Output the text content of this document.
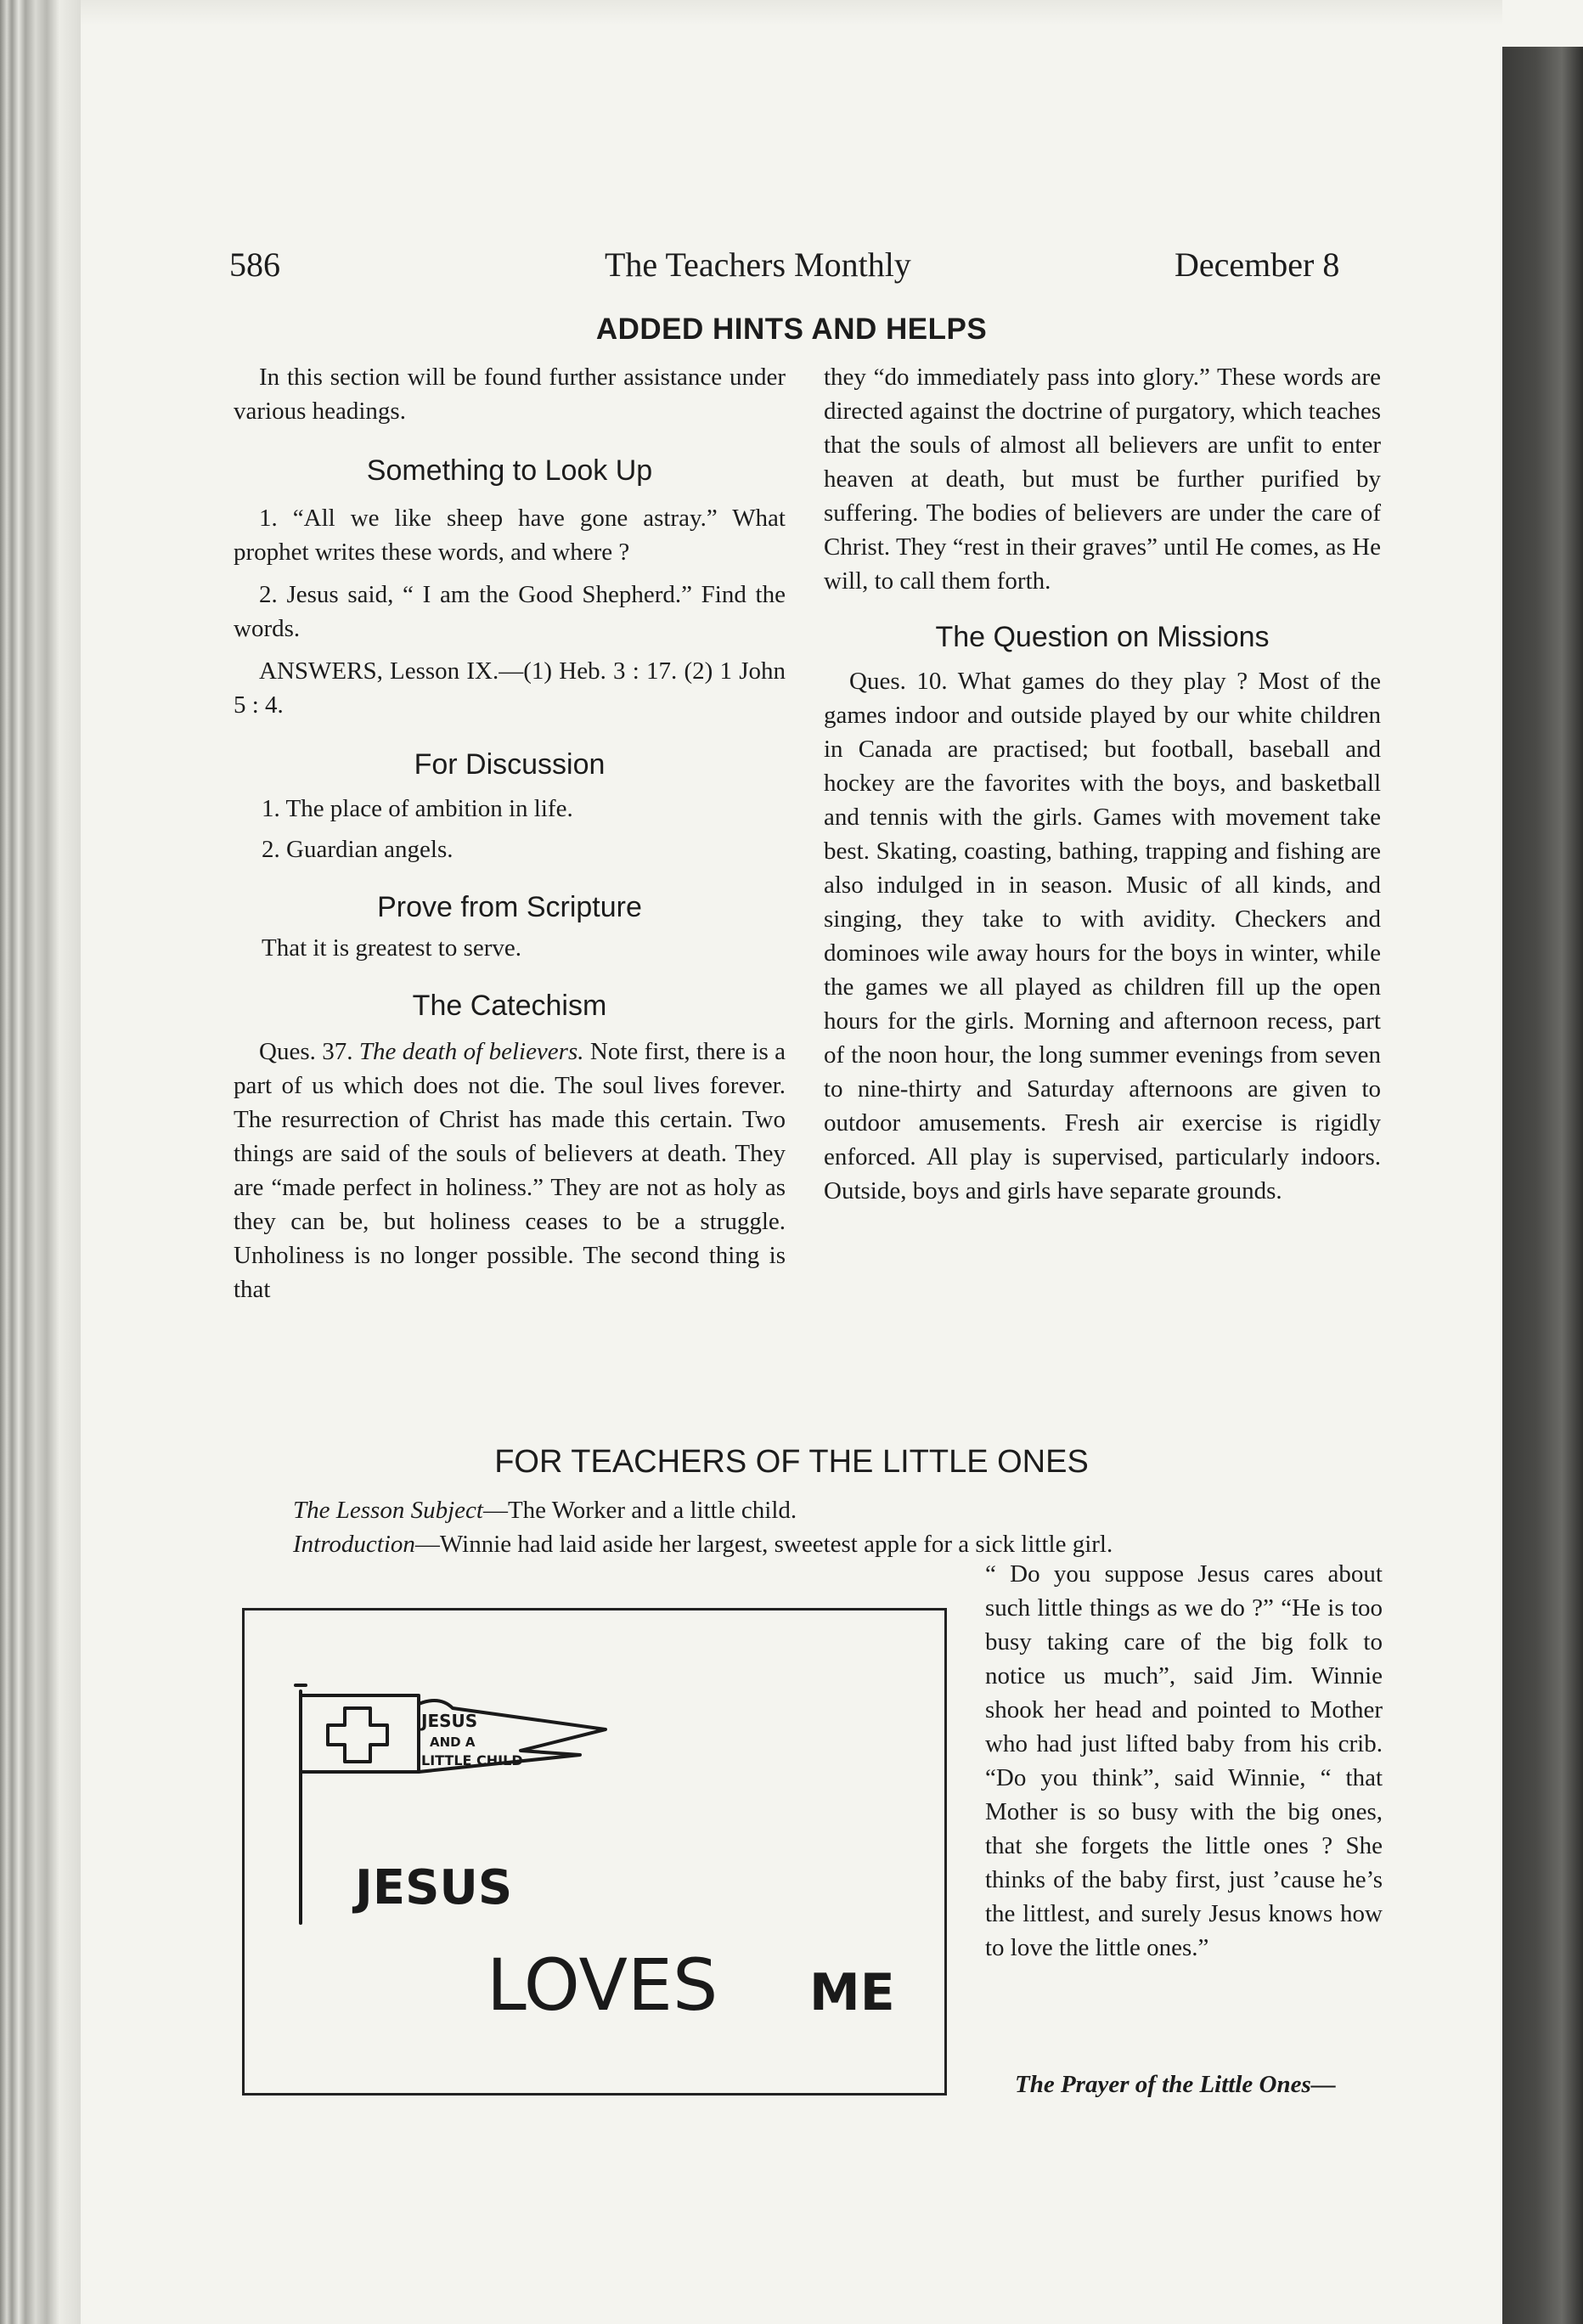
586	The Teachers Monthly	December 8
ADDED HINTS AND HELPS

In this section will be found further assistance under various headings.

Something to Look Up

1. “All we like sheep have gone astray.” What prophet writes these words, and where ?

2. Jesus said, “ I am the Good Shepherd.” Find the words.

ANSWERS, Lesson IX.—(1) Heb. 3 : 17. (2) 1 John 5 : 4.

For Discussion

1. The place of ambition in life.

2. Guardian angels.

Prove from Scripture

That it is greatest to serve.

The Catechism

Ques. 37. The death of believers. Note first, there is a part of us which does not die. The soul lives forever. The resurrection of Christ has made this certain. Two things are said of the souls of believers at death. They are “made perfect in holiness.” They are not as holy as they can be, but holiness ceases to be a struggle. Unholiness is no longer possible. The second thing is that

they “do immediately pass into glory.” These words are directed against the doctrine of purgatory, which teaches that the souls of almost all believers are unfit to enter heaven at death, but must be further purified by suffering. The bodies of believers are under the care of Christ. They “rest in their graves” until He comes, as He will, to call them forth.

The Question on Missions

Ques. 10. What games do they play ? Most of the games indoor and outside played by our white children in Canada are practised; but football, baseball and hockey are the favorites with the boys, and basketball and tennis with the girls. Games with movement take best. Skating, coasting, bathing, trapping and fishing are also indulged in in season. Music of all kinds, and singing, they take to with avidity. Checkers and dominoes wile away hours for the boys in winter, while the games we all played as children fill up the open hours for the girls. Morning and afternoon recess, part of the noon hour, the long summer evenings from seven to nine-thirty and Saturday afternoons are given to outdoor amusements. Fresh air exercise is rigidly enforced. All play is supervised, particularly indoors. Outside, boys and girls have separate grounds.

FOR TEACHERS OF THE LITTLE ONES
The Lesson Subject—The Worker and a little child.
Introduction—Winnie had laid aside her largest, sweetest apple for a sick little girl.
“ Do you suppose Jesus cares about such little things as we do ?” “He is too busy taking care of the big folk to notice us much”, said Jim. Winnie shook her head and pointed to Mother who had just lifted baby from his crib. “Do you think”, said Winnie, “ that Mother is so busy with the big ones, that she forgets the little ones ? She thinks of the baby first, just ’cause he’s the littlest, and surely Jesus knows how to love the little ones.”
The Prayer of the Little Ones—
JESUS
AND A
LITTLE CHILD
JESUS
LOVES ME
